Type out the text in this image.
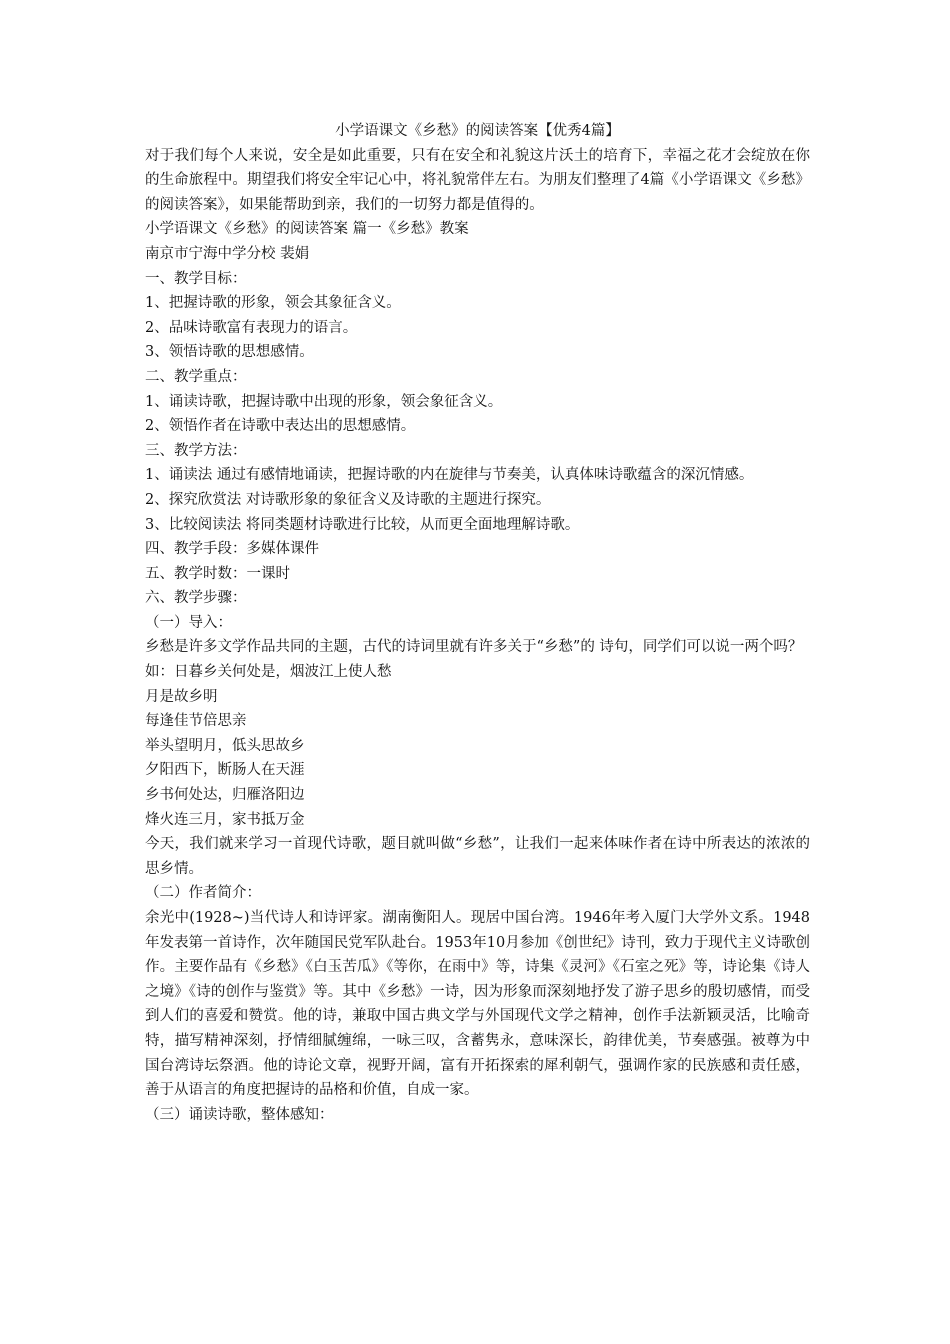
小学语课文《乡愁》的阅读答案【优秀4篇】

对于我们每个人来说，安全是如此重要，只有在安全和礼貌这片沃土的培育下，幸福之花才会绽放在你的生命旅程中。期望我们将安全牢记心中，将礼貌常伴左右。为朋友们整理了4篇《小学语课文《乡愁》的阅读答案》，如果能帮助到亲，我们的一切努力都是值得的。

小学语课文《乡愁》的阅读答案 篇一《乡愁》教案

南京市宁海中学分校 裴娟

一、教学目标：

1、把握诗歌的形象，领会其象征含义。

2、品味诗歌富有表现力的语言。

3、领悟诗歌的思想感情。

二、教学重点：

1、诵读诗歌，把握诗歌中出现的形象，领会象征含义。

2、领悟作者在诗歌中表达出的思想感情。

三、教学方法：

1、诵读法 通过有感情地诵读，把握诗歌的内在旋律与节奏美，认真体味诗歌蕴含的深沉情感。

2、探究欣赏法 对诗歌形象的象征含义及诗歌的主题进行探究。

3、比较阅读法 将同类题材诗歌进行比较，从而更全面地理解诗歌。

四、教学手段：多媒体课件

五、教学时数：一课时

六、教学步骤：

（一）导入：

乡愁是许多文学作品共同的主题，古代的诗词里就有许多关于“乡愁”的 诗句，同学们可以说一两个吗？

如：日暮乡关何处是，烟波江上使人愁

月是故乡明

每逢佳节倍思亲

举头望明月，低头思故乡

夕阳西下，断肠人在天涯

乡书何处达，归雁洛阳边

烽火连三月，家书抵万金

今天，我们就来学习一首现代诗歌，题目就叫做“乡愁”，让我们一起来体味作者在诗中所表达的浓浓的思乡情。

（二）作者简介：

余光中(1928~)当代诗人和诗评家。湖南衡阳人。现居中国台湾。1946年考入厦门大学外文系。1948年发表第一首诗作，次年随国民党军队赴台。1953年10月参加《创世纪》诗刊，致力于现代主义诗歌创作。主要作品有《乡愁》《白玉苦瓜》《等你，在雨中》等，诗集《灵河》《石室之死》等，诗论集《诗人之境》《诗的创作与鉴赏》等。其中《乡愁》一诗，因为形象而深刻地抒发了游子思乡的殷切感情，而受到人们的喜爱和赞赏。他的诗，兼取中国古典文学与外国现代文学之精神，创作手法新颖灵活，比喻奇特，描写精神深刻，抒情细腻缠绵，一咏三叹，含蓄隽永，意味深长，韵律优美，节奏感强。被尊为中国台湾诗坛祭酒。他的诗论文章，视野开阔，富有开拓探索的犀利朝气，强调作家的民族感和责任感，善于从语言的角度把握诗的品格和价值，自成一家。

（三）诵读诗歌，整体感知：
